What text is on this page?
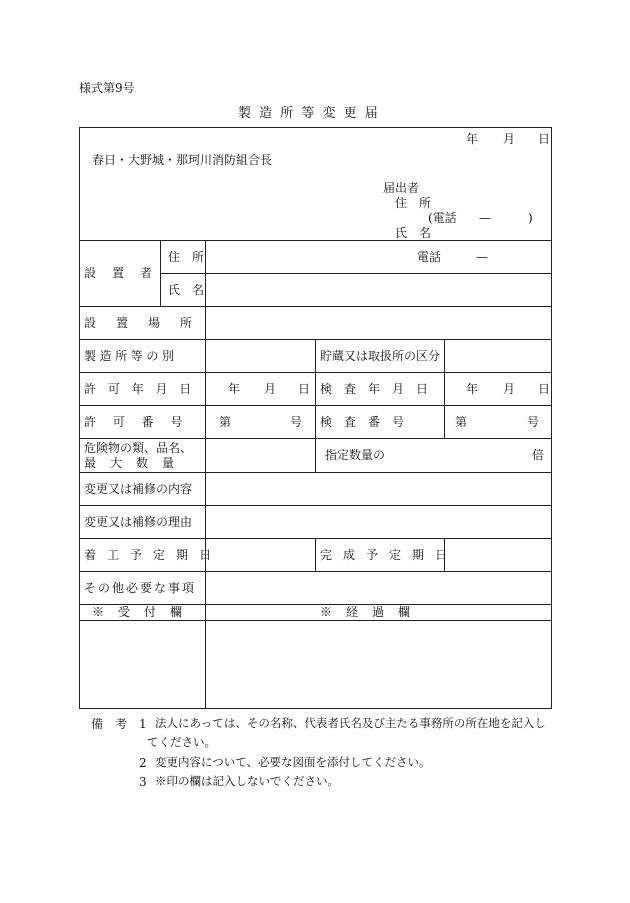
様式第9号
製 造 所 等 変 更 届
年 月 日
春日・大野城・那珂川消防組合長
届出者
住　所
(電話 —	)
氏　名
設　置　者
住　所	電話	—
氏　名
設　置　場　所
製造所等の別	貯蔵又は取扱所の区分
許 可 年 月 日	年 月 日 検　査　年　月　日	年 月 日
許　可　番　号	第	号 検　査　番　号	第	号
危険物の類、品名、
最　大　数　量
指定数量の	倍
変更又は補修の内容
変更又は補修の理由
着 工 予 定 期 日	完 成 予 定 期 日
その他必要な事項
※　受　付　欄	※　経　過　欄
備　考 1 法人にあっては、その名称、代表者氏名及び主たる事務所の所在地を記入し
てください。
2 変更内容について、必要な図面を添付してください。
3 ※印の欄は記入しないでください。
